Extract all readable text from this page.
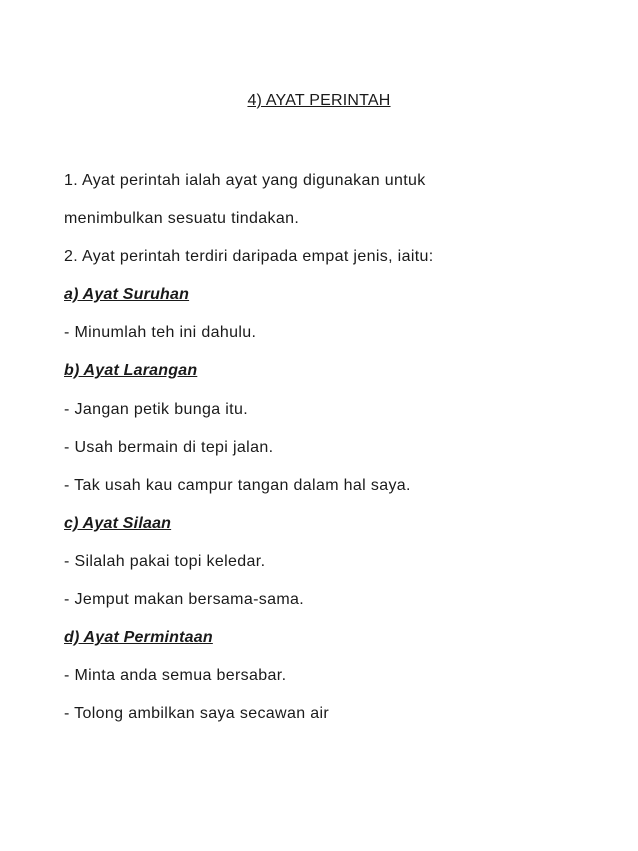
4) AYAT PERINTAH
1. Ayat perintah ialah ayat yang digunakan untuk
menimbulkan sesuatu tindakan.
2. Ayat perintah terdiri daripada empat jenis, iaitu:
a) Ayat Suruhan
- Minumlah teh ini dahulu.
b) Ayat Larangan
- Jangan petik bunga itu.
- Usah bermain di tepi jalan.
- Tak usah kau campur tangan dalam hal saya.
c) Ayat Silaan
- Silalah pakai topi keledar.
- Jemput makan bersama-sama.
d) Ayat Permintaan
- Minta anda semua bersabar.
- Tolong ambilkan saya secawan air
